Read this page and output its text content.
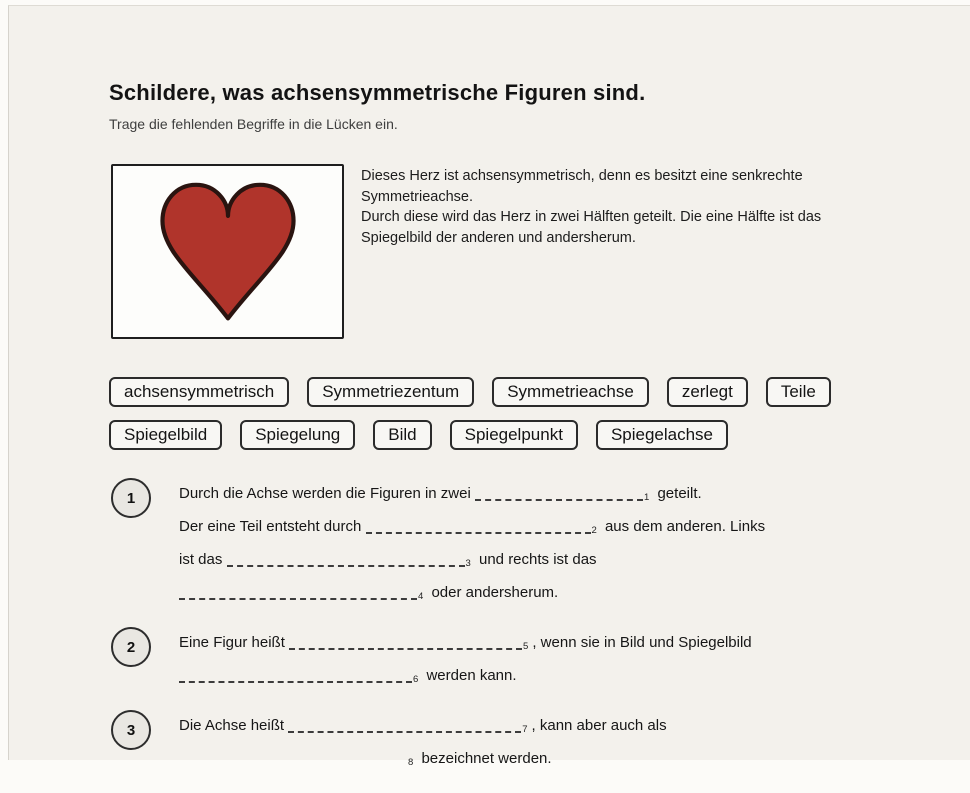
Schildere, was achsensymmetrische Figuren sind.

Trage die fehlenden Begriffe in die Lücken ein.

Dieses Herz ist achsensymmetrisch, denn es besitzt eine senkrechte
Symmetrieachse.
Durch diese wird das Herz in zwei Hälften geteilt. Die eine Hälfte ist das
Spiegelbild der anderen und andersherum.
achsensymmetrisch	Symmetriezentum	Symmetrieachse	zerlegt	Teile
Spiegelbild	Spiegelung	Bild	Spiegelpunkt	Spiegelachse
1	Durch die Achse werden die Figuren in zwei	1 geteilt.
Der eine Teil entsteht durch	2 aus dem anderen. Links
ist das	3 und rechts ist das
4 oder andersherum.
2	Eine Figur heißt	5 , wenn sie in Bild und Spiegelbild
6 werden kann.
3	Die Achse heißt	7 , kann aber auch als
8 bezeichnet werden.
